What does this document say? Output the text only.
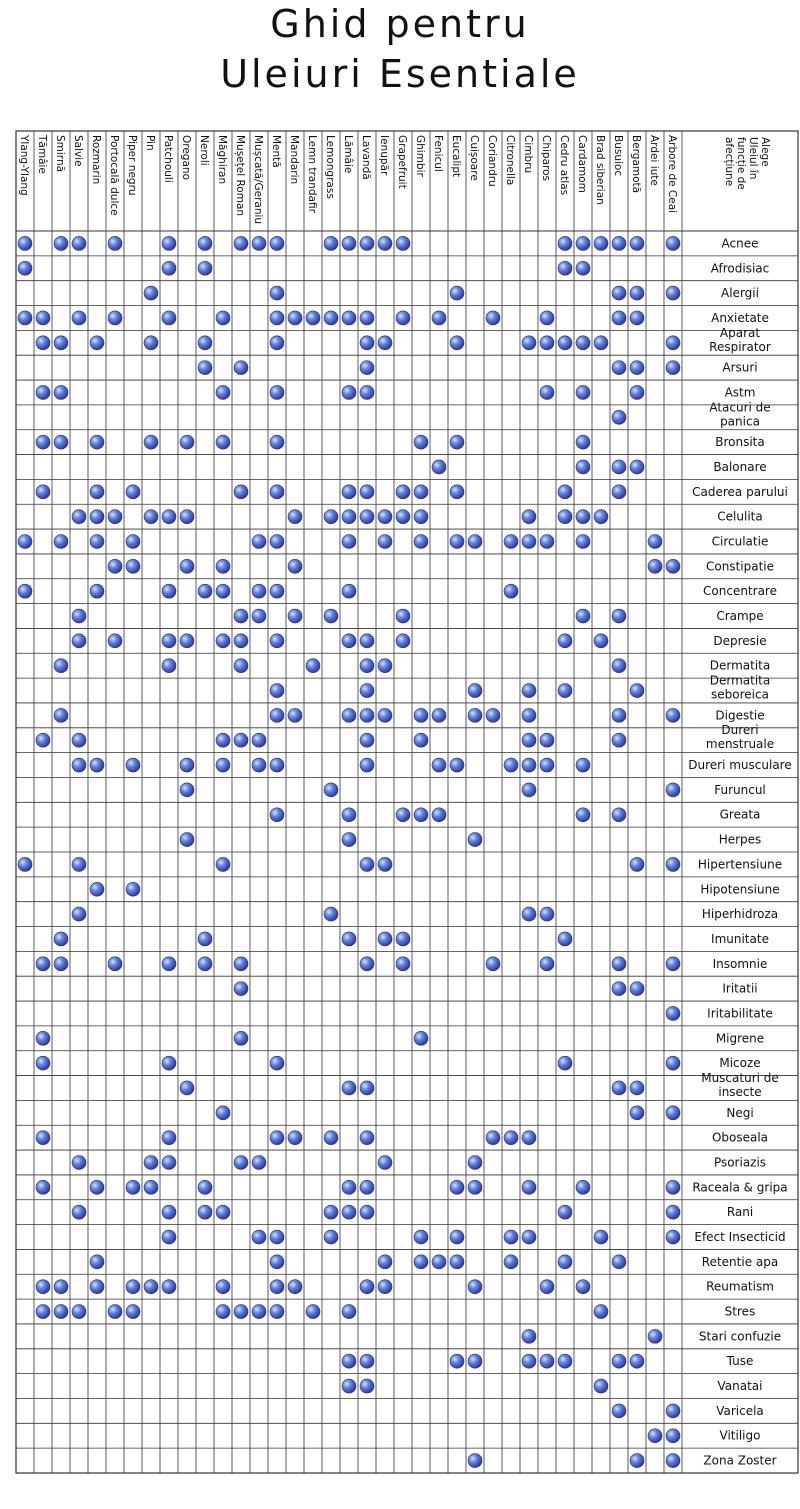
Ghid pentru
Uleiuri Esentiale
Ylang-Ylang Tămâie Smirnă Salvie Rozmarin Portocală dulce Piper negru Pin Patchouli Oregano Neroli Măghiran Mușețel Roman Mușcată/Geraniu Mentă Mandarin Lemn trandafir Lemongrass Lămâie Lavandă Ienupăr Grapefruit Ghimbir Fenicul Eucalipt Cuișoare Coriandru Citronella Cimbru Chiparos Cedru atlas Cardamom Brad siberian Busuioc Bergamotă Ardei iute Arbore de Ceai	Alege
Uleiul în
funcție de
afecțiune
Acnee
Afrodisiac
Alergii
Anxietate
Aparat Respirator
Arsuri
Astm
Atacuri de panica
Bronsita
Balonare
Caderea parului
Celulita
Circulatie
Constipatie
Concentrare
Crampe
Depresie
Dermatita
Dermatita seboreica
Digestie
Dureri menstruale
Dureri musculare
Furuncul
Greata
Herpes
Hipertensiune
Hipotensiune
Hiperhidroza
Imunitate
Insomnie
Iritatii
Iritabilitate
Migrene
Micoze
Muscaturi de insecte
Negi
Oboseala
Psoriazis
Raceala & gripa
Rani
Efect Insecticid
Retentie apa
Reumatism
Stres
Stari confuzie
Tuse
Vanatai
Varicela
Vitiligo
Zona Zoster
